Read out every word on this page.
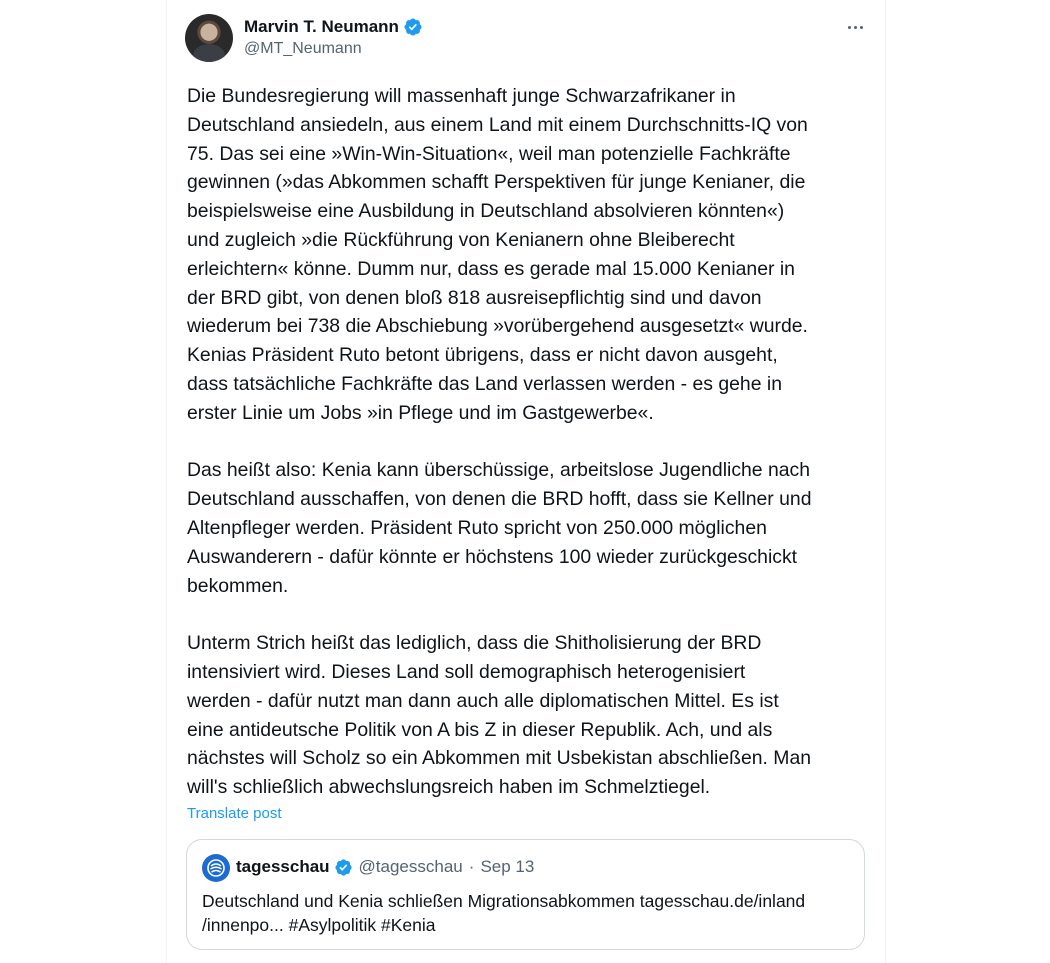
Marvin T. Neumann
@MT_Neumann

Die Bundesregierung will massenhaft junge Schwarzafrikaner in
Deutschland ansiedeln, aus einem Land mit einem Durchschnitts-IQ von
75. Das sei eine »Win-Win-Situation«, weil man potenzielle Fachkräfte
gewinnen (»das Abkommen schafft Perspektiven für junge Kenianer, die
beispielsweise eine Ausbildung in Deutschland absolvieren könnten«)
und zugleich »die Rückführung von Kenianern ohne Bleiberecht
erleichtern« könne. Dumm nur, dass es gerade mal 15.000 Kenianer in
der BRD gibt, von denen bloß 818 ausreisepflichtig sind und davon
wiederum bei 738 die Abschiebung »vorübergehend ausgesetzt« wurde.
Kenias Präsident Ruto betont übrigens, dass er nicht davon ausgeht,
dass tatsächliche Fachkräfte das Land verlassen werden - es gehe in
erster Linie um Jobs »in Pflege und im Gastgewerbe«.

Das heißt also: Kenia kann überschüssige, arbeitslose Jugendliche nach
Deutschland ausschaffen, von denen die BRD hofft, dass sie Kellner und
Altenpfleger werden. Präsident Ruto spricht von 250.000 möglichen
Auswanderern - dafür könnte er höchstens 100 wieder zurückgeschickt
bekommen.

Unterm Strich heißt das lediglich, dass die Shitholisierung der BRD
intensiviert wird. Dieses Land soll demographisch heterogenisiert
werden - dafür nutzt man dann auch alle diplomatischen Mittel. Es ist
eine antideutsche Politik von A bis Z in dieser Republik. Ach, und als
nächstes will Scholz so ein Abkommen mit Usbekistan abschließen. Man
will's schließlich abwechslungsreich haben im Schmelztiegel.

Translate post
tagesschau @tagesschau · Sep 13
Deutschland und Kenia schließen Migrationsabkommen tagesschau.de/inland
/innenpo... #Asylpolitik #Kenia
